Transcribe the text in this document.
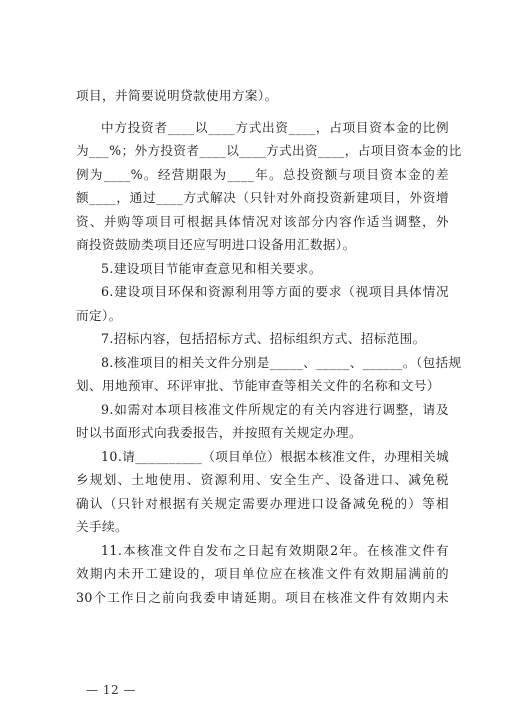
项目，并简要说明贷款使用方案）。

中方投资者____以____方式出资____，占项目资本金的比例

为___%；外方投资者____以____方式出资____，占项目资本金的比

例为____%。经营期限为____年。总投资额与项目资本金的差

额____，通过____方式解决（只针对外商投资新建项目，外资增

资、并购等项目可根据具体情况对该部分内容作适当调整，外

商投资鼓励类项目还应写明进口设备用汇数据）。

5.建设项目节能审查意见和相关要求。

6.建设项目环保和资源利用等方面的要求（视项目具体情况

而定）。

7.招标内容，包括招标方式、招标组织方式、招标范围。

8.核准项目的相关文件分别是_____、_____、______。（包括规

划、用地预审、环评审批、节能审查等相关文件的名称和文号）

9.如需对本项目核准文件所规定的有关内容进行调整，请及

时以书面形式向我委报告，并按照有关规定办理。

10.请__________（项目单位）根据本核准文件，办理相关城

乡规划、土地使用、资源利用、安全生产、设备进口、减免税

确认（只针对根据有关规定需要办理进口设备减免税的）等相

关手续。

11.本核准文件自发布之日起有效期限2年。在核准文件有

效期内未开工建设的，项目单位应在核准文件有效期届满前的

30个工作日之前向我委申请延期。项目在核准文件有效期内未

— 12 —
